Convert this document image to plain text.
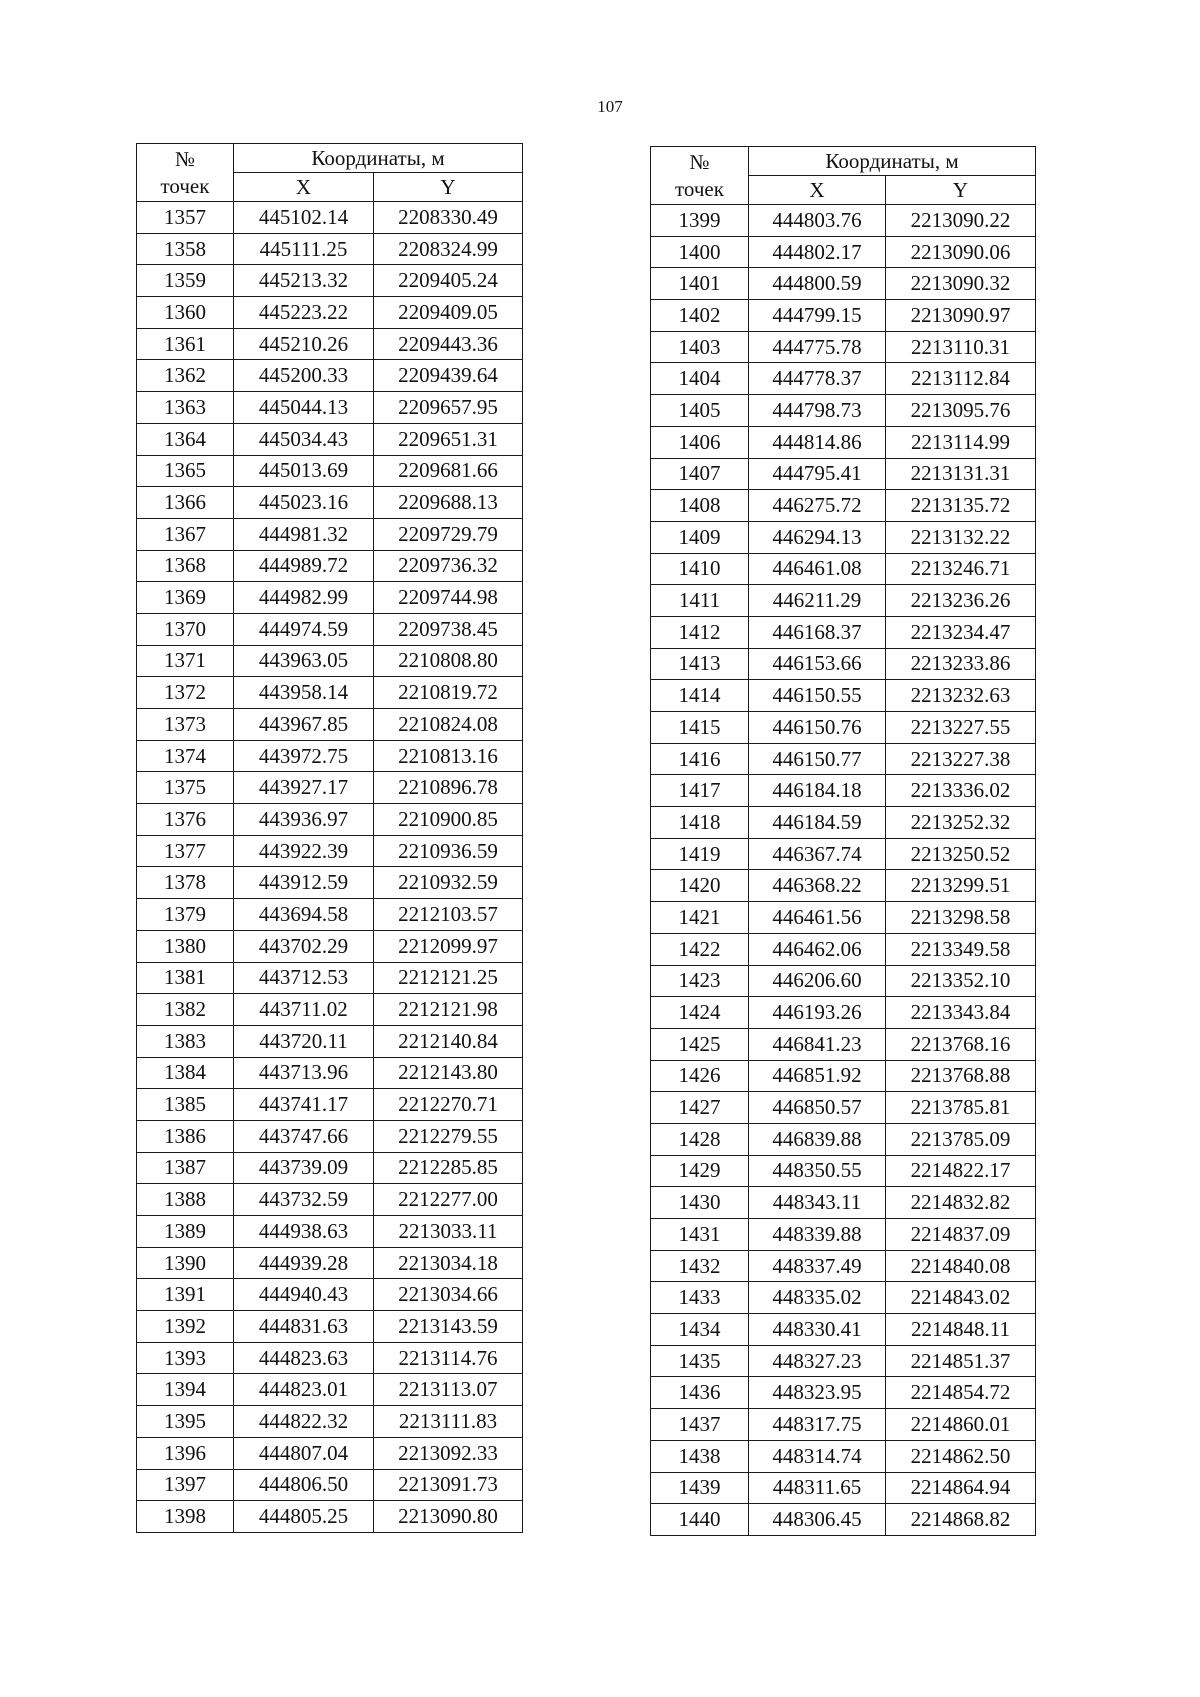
107
№
точек	Координаты, м	
	X	Y
1357	445102.14	2208330.49
1358	445111.25	2208324.99
1359	445213.32	2209405.24
1360	445223.22	2209409.05
1361	445210.26	2209443.36
1362	445200.33	2209439.64
1363	445044.13	2209657.95
1364	445034.43	2209651.31
1365	445013.69	2209681.66
1366	445023.16	2209688.13
1367	444981.32	2209729.79
1368	444989.72	2209736.32
1369	444982.99	2209744.98
1370	444974.59	2209738.45
1371	443963.05	2210808.80
1372	443958.14	2210819.72
1373	443967.85	2210824.08
1374	443972.75	2210813.16
1375	443927.17	2210896.78
1376	443936.97	2210900.85
1377	443922.39	2210936.59
1378	443912.59	2210932.59
1379	443694.58	2212103.57
1380	443702.29	2212099.97
1381	443712.53	2212121.25
1382	443711.02	2212121.98
1383	443720.11	2212140.84
1384	443713.96	2212143.80
1385	443741.17	2212270.71
1386	443747.66	2212279.55
1387	443739.09	2212285.85
1388	443732.59	2212277.00
1389	444938.63	2213033.11
1390	444939.28	2213034.18
1391	444940.43	2213034.66
1392	444831.63	2213143.59
1393	444823.63	2213114.76
1394	444823.01	2213113.07
1395	444822.32	2213111.83
1396	444807.04	2213092.33
1397	444806.50	2213091.73
1398	444805.25	2213090.80
№
точек	Координаты, м	
	X	Y
1399	444803.76	2213090.22
1400	444802.17	2213090.06
1401	444800.59	2213090.32
1402	444799.15	2213090.97
1403	444775.78	2213110.31
1404	444778.37	2213112.84
1405	444798.73	2213095.76
1406	444814.86	2213114.99
1407	444795.41	2213131.31
1408	446275.72	2213135.72
1409	446294.13	2213132.22
1410	446461.08	2213246.71
1411	446211.29	2213236.26
1412	446168.37	2213234.47
1413	446153.66	2213233.86
1414	446150.55	2213232.63
1415	446150.76	2213227.55
1416	446150.77	2213227.38
1417	446184.18	2213336.02
1418	446184.59	2213252.32
1419	446367.74	2213250.52
1420	446368.22	2213299.51
1421	446461.56	2213298.58
1422	446462.06	2213349.58
1423	446206.60	2213352.10
1424	446193.26	2213343.84
1425	446841.23	2213768.16
1426	446851.92	2213768.88
1427	446850.57	2213785.81
1428	446839.88	2213785.09
1429	448350.55	2214822.17
1430	448343.11	2214832.82
1431	448339.88	2214837.09
1432	448337.49	2214840.08
1433	448335.02	2214843.02
1434	448330.41	2214848.11
1435	448327.23	2214851.37
1436	448323.95	2214854.72
1437	448317.75	2214860.01
1438	448314.74	2214862.50
1439	448311.65	2214864.94
1440	448306.45	2214868.82
